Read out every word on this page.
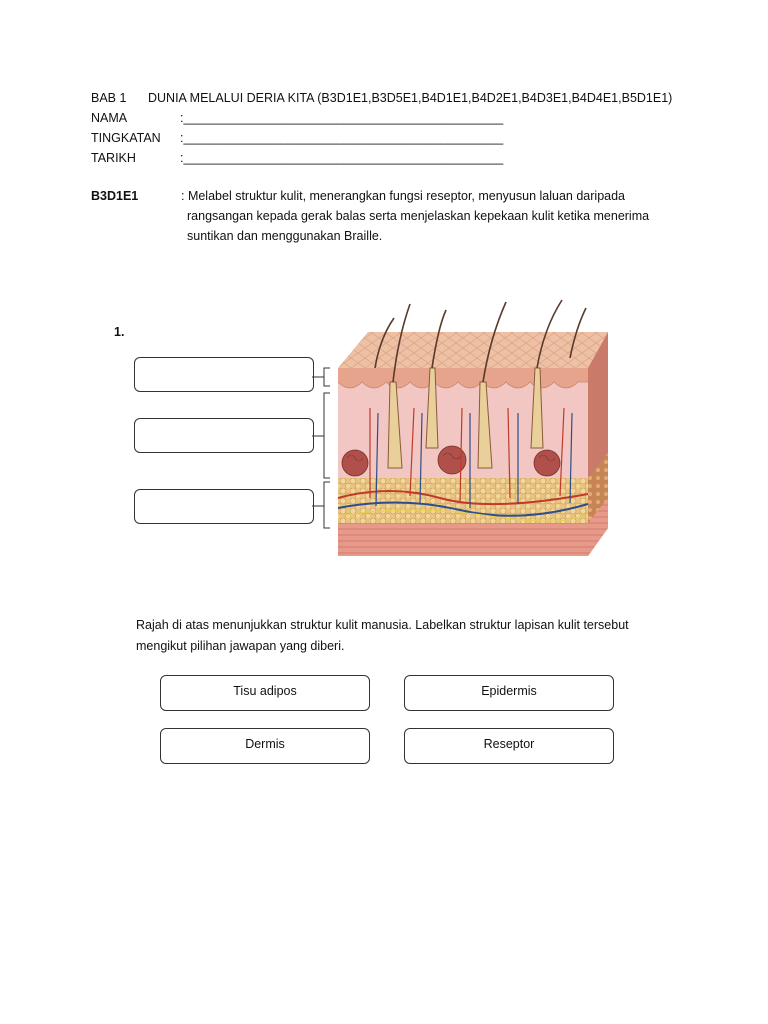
BAB 1 DUNIA MELALUI DERIA KITA (B3D1E1,B3D5E1,B4D1E1,B4D2E1,B4D3E1,B4D4E1,B5D1E1)
NAMA	:______________________________________________
TINGKATAN :______________________________________________
TARIKH	:______________________________________________
B3D1E1	: Melabel struktur kulit, menerangkan fungsi reseptor, menyusun laluan daripada
rangsangan kepada gerak balas serta menjelaskan kepekaan kulit ketika menerima
suntikan dan menggunakan Braille.
1.
Rajah di atas menunjukkan struktur kulit manusia. Labelkan struktur lapisan kulit tersebut
mengikut pilihan jawapan yang diberi.
Tisu adipos	Epidermis
Dermis	Reseptor
